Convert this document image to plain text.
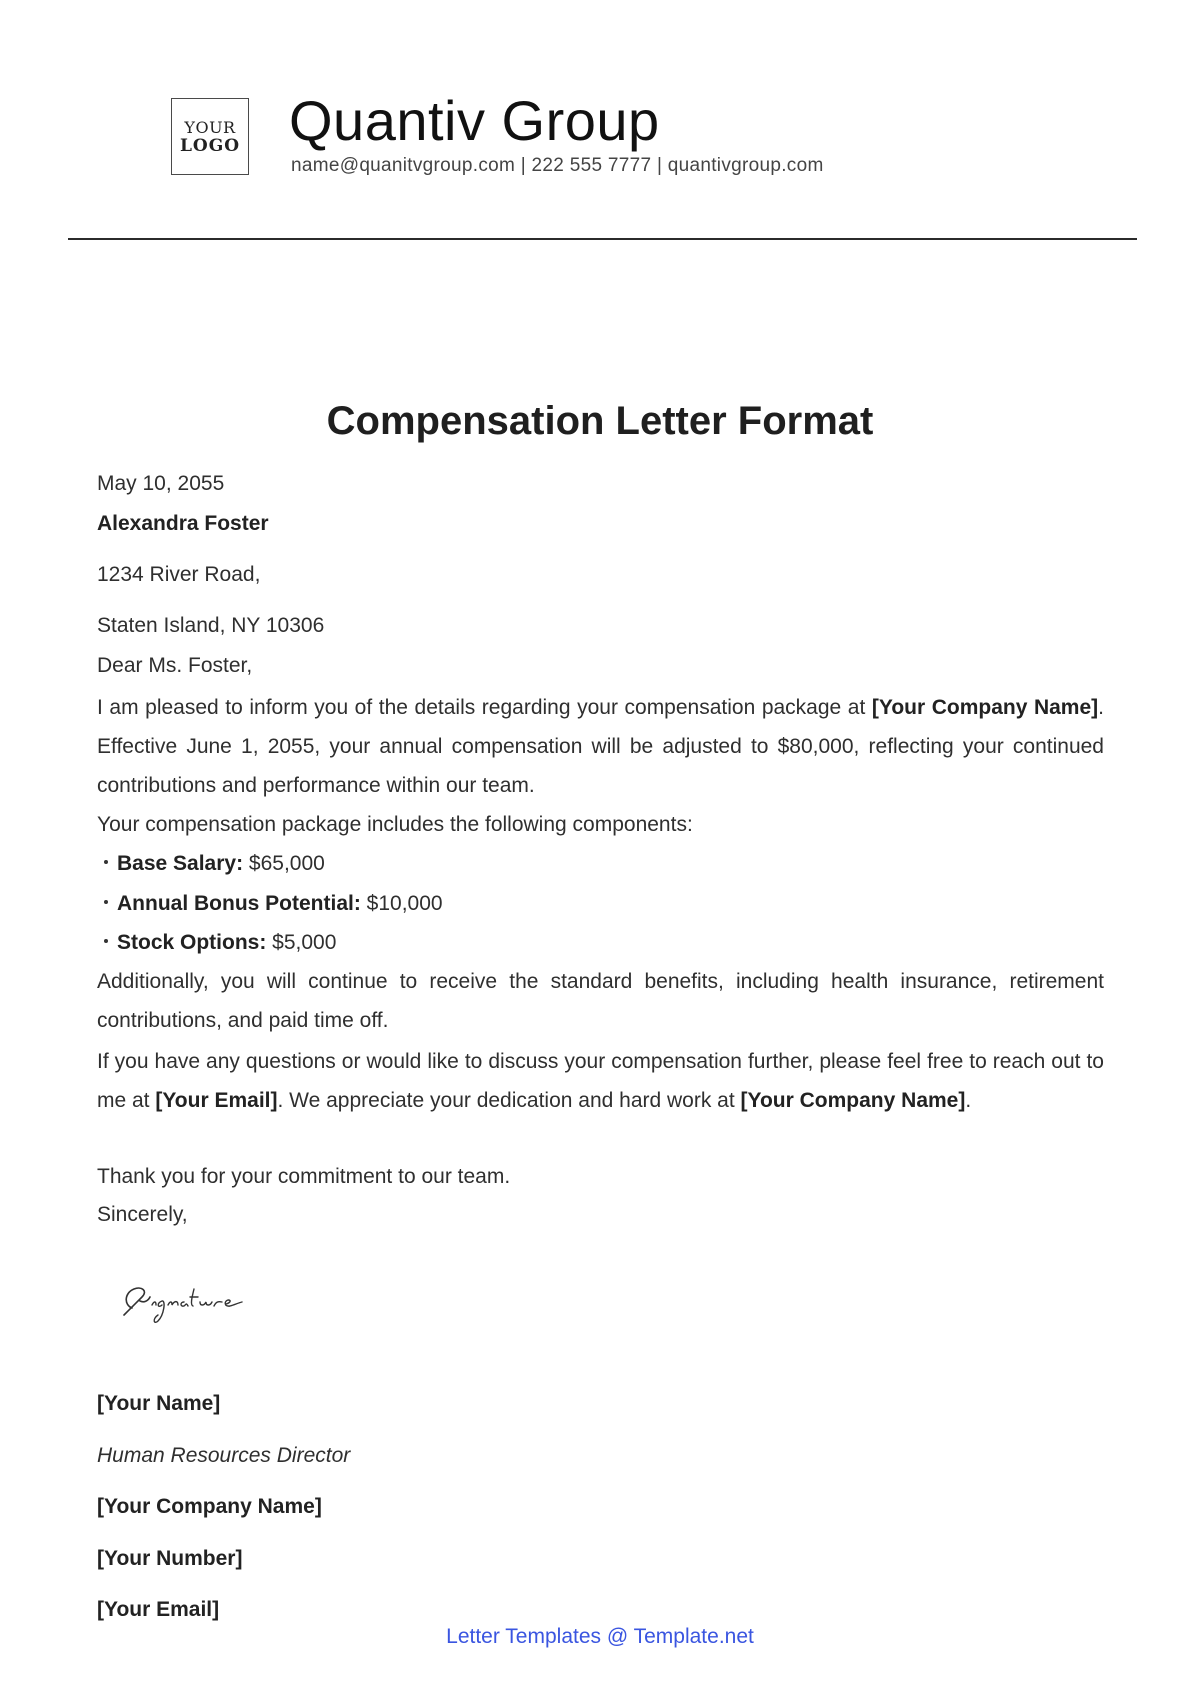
YOUR
LOGO Quantiv Group
name@quanitvgroup.com | 222 555 7777 | quantivgroup.com
Compensation Letter Format
May 10, 2055
Alexandra Foster
1234 River Road,
Staten Island, NY 10306
Dear Ms. Foster,
I am pleased to inform you of the details regarding your compensation package at [Your Company Name]. Effective June 1, 2055, your annual compensation will be adjusted to $80,000, reflecting your continued contributions and performance within our team.
Your compensation package includes the following components:
Base Salary: $65,000
Annual Bonus Potential: $10,000
Stock Options: $5,000
Additionally, you will continue to receive the standard benefits, including health insurance, retirement contributions, and paid time off.
If you have any questions or would like to discuss your compensation further, please feel free to reach out to me at [Your Email]. We appreciate your dedication and hard work at [Your Company Name].
Thank you for your commitment to our team.
Sincerely,
[Your Name]
Human Resources Director
[Your Company Name]
[Your Number]
[Your Email]
Letter Templates @ Template.net
